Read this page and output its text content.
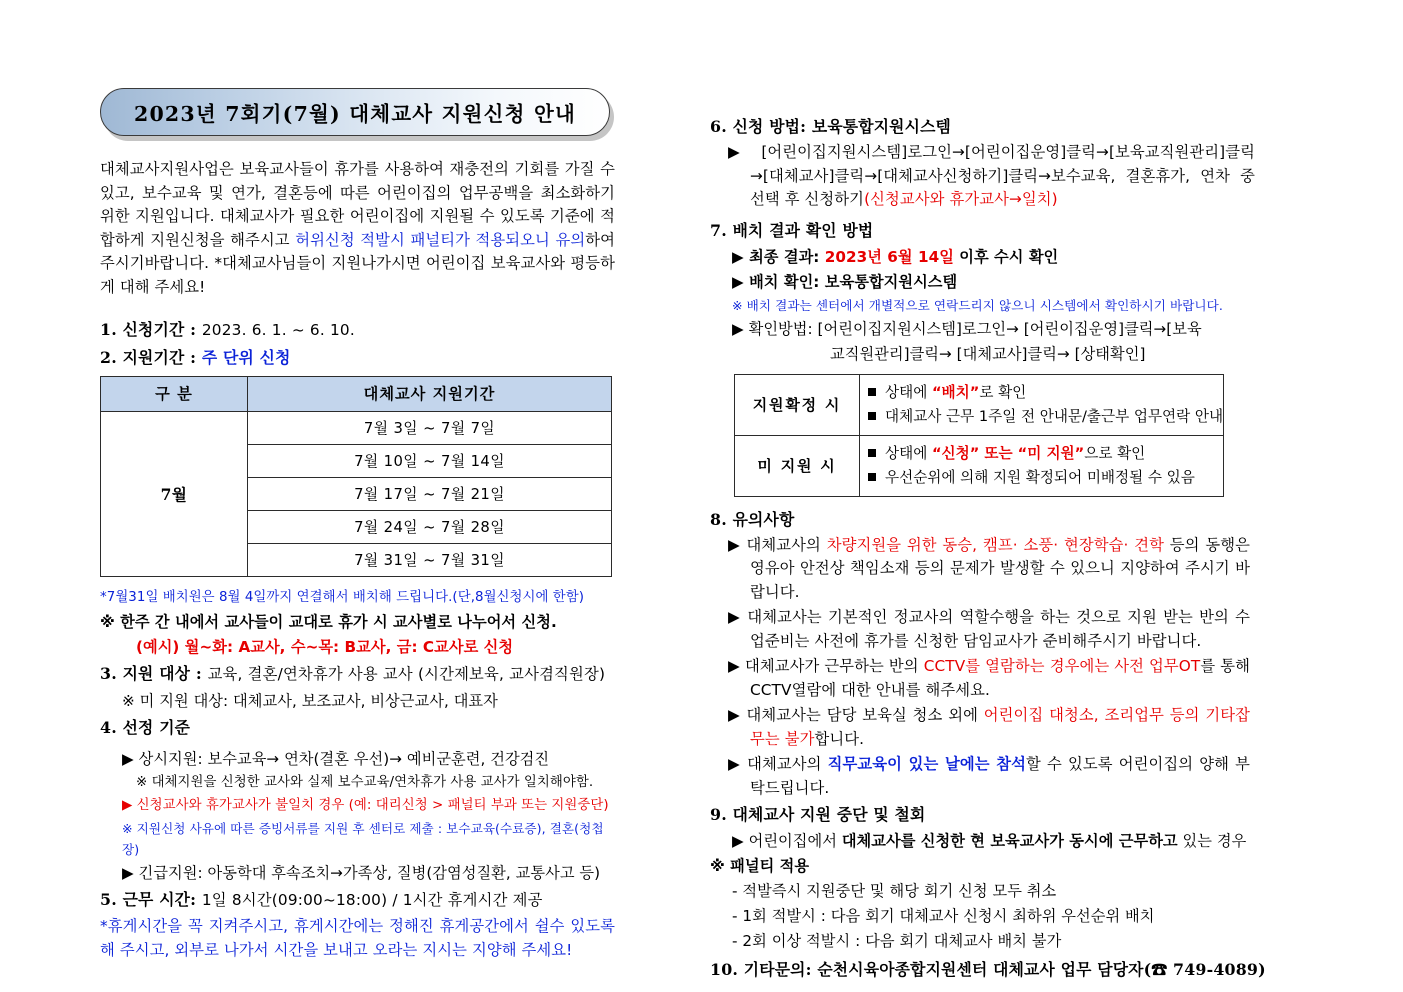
2023년 7회기(7월) 대체교사 지원신청 안내

대체교사지원사업은 보육교사들이 휴가를 사용하여 재충전의 기회를 가질 수 있고, 보수교육 및 연가, 결혼등에 따른 어린이집의 업무공백을 최소화하기 위한 지원입니다. 대체교사가 필요한 어린이집에 지원될 수 있도록 기준에 적합하게 지원신청을 해주시고 허위신청 적발시 패널티가 적용되오니 유의하여주시기바랍니다. *대체교사님들이 지원나가시면 어린이집 보육교사와 평등하게 대해 주세요!

1. 신청기간 : 2023. 6. 1. ~ 6. 10.
2. 지원기간 : 주 단위 신청
구 분	대체교사 지원기간
7월	7월 3일 ~ 7월 7일
	7월 10일 ~ 7월 14일
	7월 17일 ~ 7월 21일
	7월 24일 ~ 7월 28일
	7월 31일 ~ 7월 31일
*7월31일 배치원은 8월 4일까지 연결해서 배치해 드립니다.(단,8월신청시에 한함)
※ 한주 간 내에서 교사들이 교대로 휴가 시 교사별로 나누어서 신청.
(예시) 월~화: A교사, 수~목: B교사, 금: C교사로 신청
3. 지원 대상 : 교육, 결혼/연차휴가 사용 교사 (시간제보육, 교사겸직원장)
※ 미 지원 대상: 대체교사, 보조교사, 비상근교사, 대표자
4. 선정 기준
▶ 상시지원: 보수교육→ 연차(결혼 우선)→ 예비군훈련, 건강검진
※ 대체지원을 신청한 교사와 실제 보수교육/연차휴가 사용 교사가 일치해야함.
▶ 신청교사와 휴가교사가 불일치 경우 (예: 대리신청 > 패널티 부과 또는 지원중단)
※ 지원신청 사유에 따른 증빙서류를 지원 후 센터로 제출 : 보수교육(수료증), 결혼(청첩장)
▶ 긴급지원: 아동학대 후속조치→가족상, 질병(감염성질환, 교통사고 등)
5. 근무 시간: 1일 8시간(09:00~18:00) / 1시간 휴게시간 제공

*휴게시간을 꼭 지켜주시고, 휴게시간에는 정해진 휴게공간에서 쉴수 있도록 해 주시고, 외부로 나가서 시간을 보내고 오라는 지시는 지양해 주세요!

6. 신청 방법: 보육통합지원시스템

▶ [어린이집지원시스템]로그인→[어린이집운영]클릭→[보육교직원관리]클릭→[대체교사]클릭→[대체교사신청하기]클릭→보수교육, 결혼휴가, 연차 중 선택 후 신청하기(신청교사와 휴가교사→일치)

7. 배치 결과 확인 방법
▶ 최종 결과: 2023년 6월 14일 이후 수시 확인
▶ 배치 확인: 보육통합지원시스템
※ 배치 결과는 센터에서 개별적으로 연락드리지 않으니 시스템에서 확인하시기 바랍니다.
▶ 확인방법: [어린이집지원시스템]로그인→ [어린이집운영]클릭→[보육
교직원관리]클릭→ [대체교사]클릭→ [상태확인]
지원확정 시	상태에 “배치”로 확인
대체교사 근무 1주일 전 안내문/출근부 업무연락 안내

미 지원 시	상태에 “신청” 또는 “미 지원”으로 확인
우선순위에 의해 지원 확정되어 미배정될 수 있음
8. 유의사항

▶ 대체교사의 차량지원을 위한 동승, 캠프· 소풍· 현장학습· 견학 등의 동행은 영유아 안전상 책임소재 등의 문제가 발생할 수 있으니 지양하여 주시기 바랍니다.

▶ 대체교사는 기본적인 정교사의 역할수행을 하는 것으로 지원 받는 반의 수업준비는 사전에 휴가를 신청한 담임교사가 준비해주시기 바랍니다.

▶ 대체교사가 근무하는 반의 CCTV를 열람하는 경우에는 사전 업무OT를 통해 CCTV열람에 대한 안내를 해주세요.

▶ 대체교사는 담당 보육실 청소 외에 어린이집 대청소, 조리업무 등의 기타잡무는 불가합니다.

▶ 대체교사의 직무교육이 있는 날에는 참석할 수 있도록 어린이집의 양해 부탁드립니다.

9. 대체교사 지원 중단 및 철회
▶ 어린이집에서 대체교사를 신청한 현 보육교사가 동시에 근무하고 있는 경우
※ 패널티 적용
- 적발즉시 지원중단 및 해당 회기 신청 모두 취소
- 1회 적발시 : 다음 회기 대체교사 신청시 최하위 우선순위 배치
- 2회 이상 적발시 : 다음 회기 대체교사 배치 불가
10. 기타문의: 순천시육아종합지원센터 대체교사 업무 담당자(☎ 749-4089)
